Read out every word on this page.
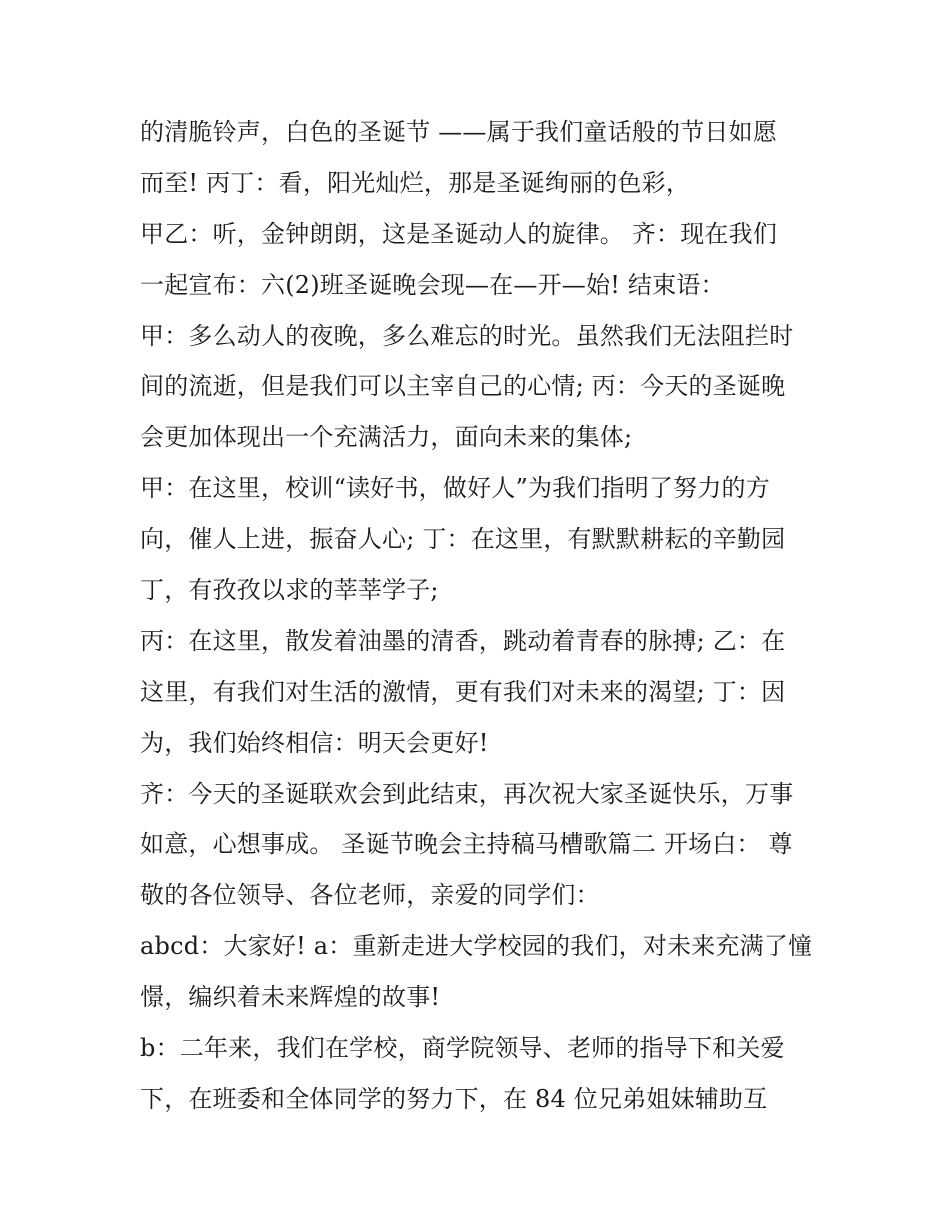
的清脆铃声，白色的圣诞节 ——属于我们童话般的节日如愿
而至! 丙丁：看，阳光灿烂，那是圣诞绚丽的色彩，
甲乙：听，金钟朗朗，这是圣诞动人的旋律。 齐：现在我们
一起宣布：六(2)班圣诞晚会现—在—开—始! 结束语：
甲：多么动人的夜晚，多么难忘的时光。虽然我们无法阻拦时
间的流逝，但是我们可以主宰自己的心情; 丙：今天的圣诞晚
会更加体现出一个充满活力，面向未来的集体;
甲：在这里，校训“读好书，做好人”为我们指明了努力的方
向，催人上进，振奋人心; 丁：在这里，有默默耕耘的辛勤园
丁，有孜孜以求的莘莘学子;
丙：在这里，散发着油墨的清香，跳动着青春的脉搏; 乙：在
这里，有我们对生活的激情，更有我们对未来的渴望; 丁：因
为，我们始终相信：明天会更好!
齐：今天的圣诞联欢会到此结束，再次祝大家圣诞快乐，万事
如意，心想事成。 圣诞节晚会主持稿马槽歌篇二 开场白： 尊
敬的各位领导、各位老师，亲爱的同学们：
abcd：大家好! a：重新走进大学校园的我们，对未来充满了憧
憬，编织着未来辉煌的故事!
b：二年来，我们在学校，商学院领导、老师的指导下和关爱
下，在班委和全体同学的努力下，在 84 位兄弟姐妹辅助互
